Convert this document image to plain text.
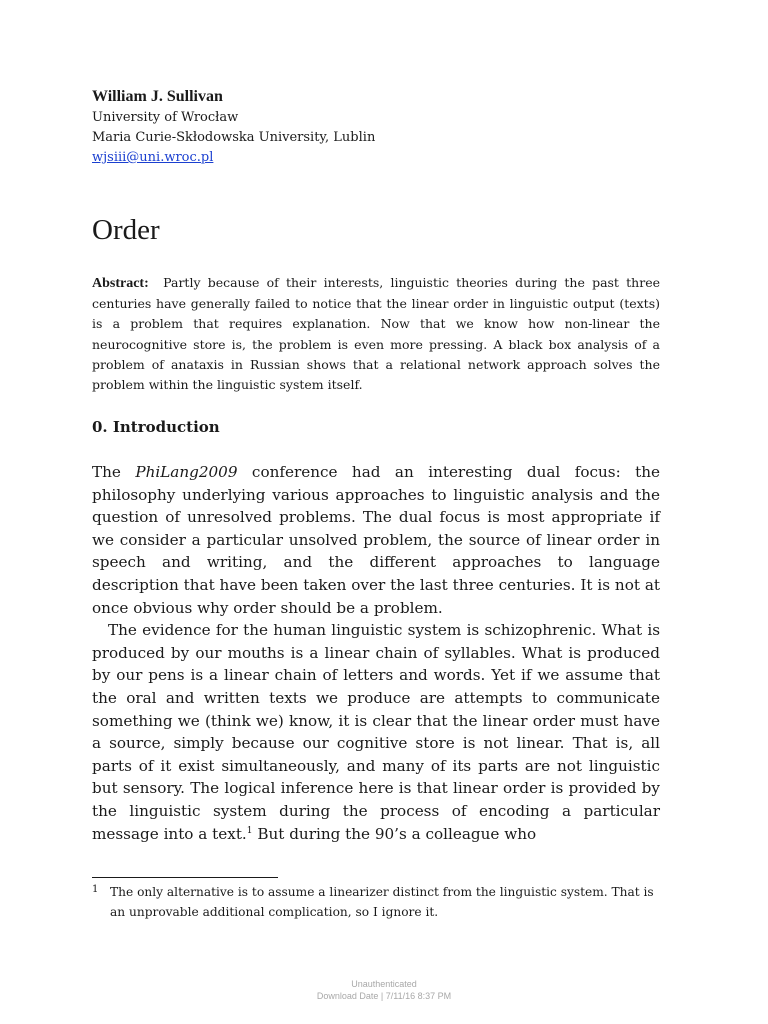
William J. Sullivan

University of Wrocław

Maria Curie-Skłodowska University, Lublin

wjsiii@uni.wroc.pl
Order

Abstract: Partly because of their interests, linguistic theories during the past three centuries have generally failed to notice that the linear order in linguistic output (texts) is a problem that requires explanation. Now that we know how non-linear the neurocognitive store is, the problem is even more pressing. A black box analysis of a problem of anataxis in Russian shows that a relational network approach solves the problem within the linguistic system itself.

0. Introduction

The PhiLang2009 conference had an interesting dual focus: the philosophy underlying various approaches to linguistic analysis and the question of unresolved problems. The dual focus is most appropriate if we consider a particular unsolved problem, the source of linear order in speech and writing, and the different approaches to language description that have been taken over the last three centuries. It is not at once obvious why order should be a problem.

The evidence for the human linguistic system is schizophrenic. What is produced by our mouths is a linear chain of syllables. What is produced by our pens is a linear chain of letters and words. Yet if we assume that the oral and written texts we produce are attempts to communicate something we (think we) know, it is clear that the linear order must have a source, simply because our cognitive store is not linear. That is, all parts of it exist simultaneously, and many of its parts are not linguistic but sensory. The logical inference here is that linear order is provided by the linguistic system during the process of encoding a particular message into a text.$^1$ But during the 90’s a colleague who

1 The only alternative is to assume a linearizer distinct from the linguistic system. That is an unprovable additional complication, so I ignore it.
Unauthenticated
Download Date | 7/11/16 8:37 PM
